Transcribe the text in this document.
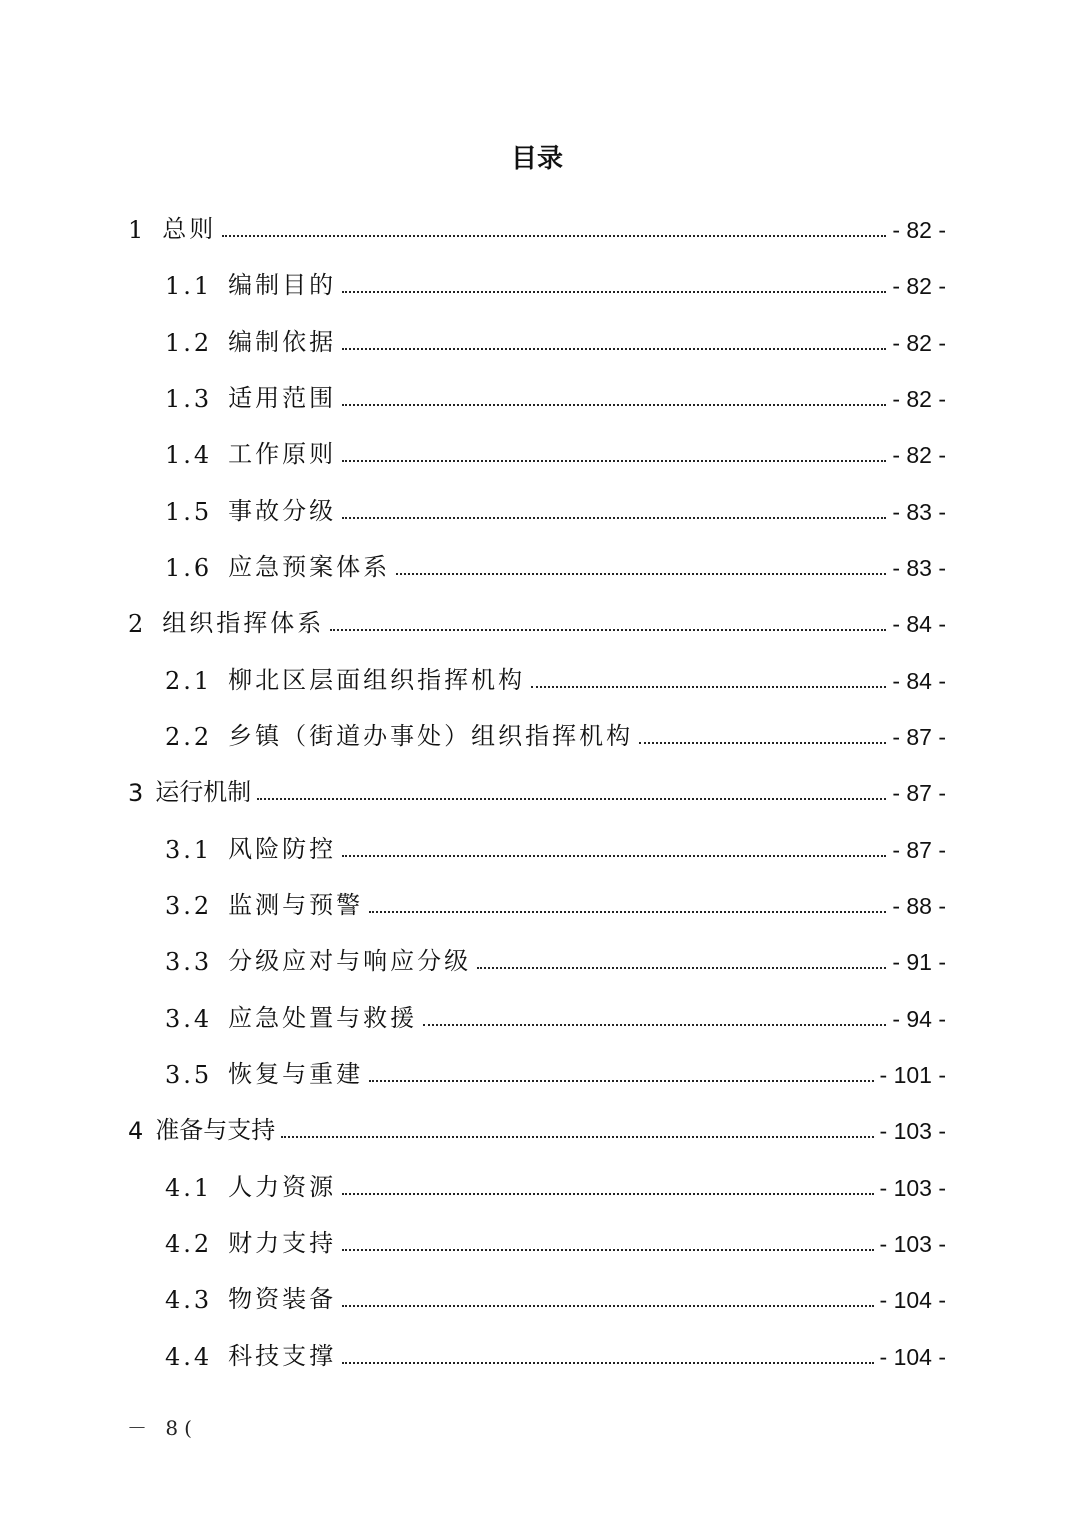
目录
1 总则	- 82 -
1.1 编制目的	- 82 -
1.2 编制依据	- 82 -
1.3 适用范围	- 82 -
1.4 工作原则	- 82 -
1.5 事故分级	- 83 -
1.6 应急预案体系	- 83 -
2 组织指挥体系	- 84 -
2.1 柳北区层面组织指挥机构	- 84 -
2.2 乡镇（街道办事处）组织指挥机构	- 87 -
3 运行机制	- 87 -
3.1 风险防控	- 87 -
3.2 监测与预警	- 88 -
3.3 分级应对与响应分级	- 91 -
3.4 应急处置与救援	- 94 -
3.5 恢复与重建	- 101 -
4 准备与支持	- 103 -
4.1 人力资源	- 103 -
4.2 财力支持	- 103 -
4.3 物资装备	- 104 -
4.4 科技支撑	- 104 -
－ 8(
